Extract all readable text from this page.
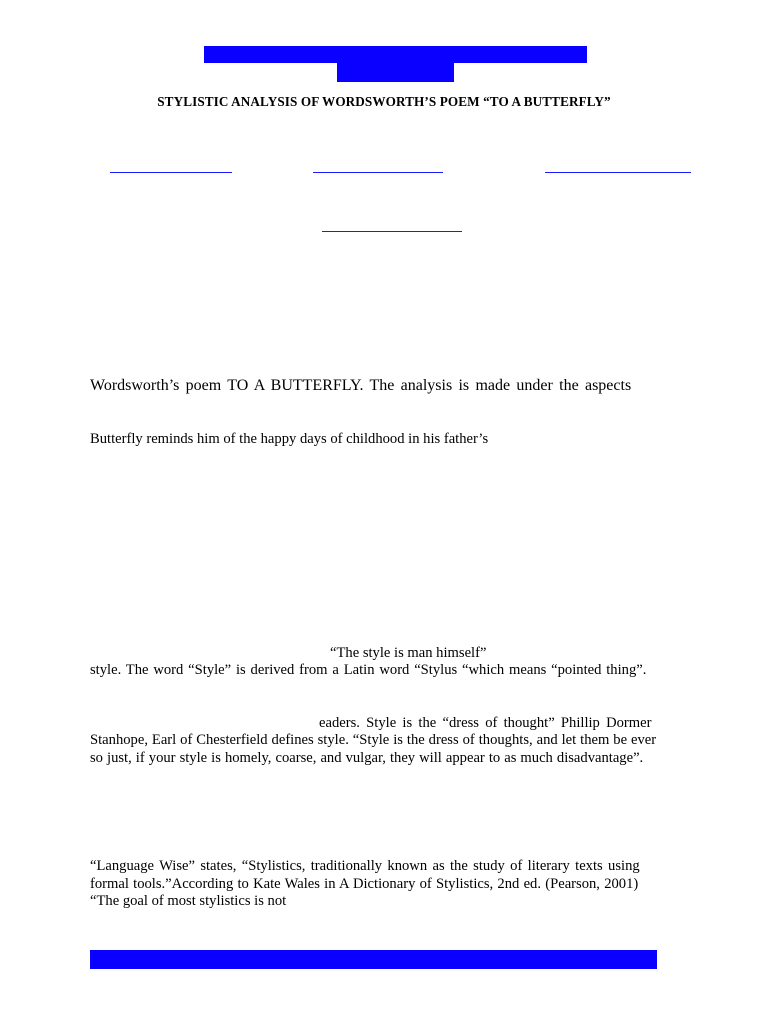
STYLISTIC ANALYSIS OF WORDSWORTH’S POEM “TO A BUTTERFLY”
Wordsworth’s poem TO A BUTTERFLY. The analysis is made under the aspects
Butterfly reminds him of the happy days of childhood in his father’s
“The style is man himself”
style. The word “Style” is derived from a Latin word “Stylus “which means “pointed thing”.
eaders. Style is the “dress of thought” Phillip Dormer
Stanhope, Earl of Chesterfield defines style. “Style is the dress of thoughts, and let them be ever
so just, if your style is homely, coarse, and vulgar, they will appear to as much disadvantage”.
“Language Wise” states, “Stylistics, traditionally known as the study of literary texts using
formal tools.”According to Kate Wales in A Dictionary of Stylistics, 2nd ed. (Pearson, 2001)
“The goal of most stylistics is not
